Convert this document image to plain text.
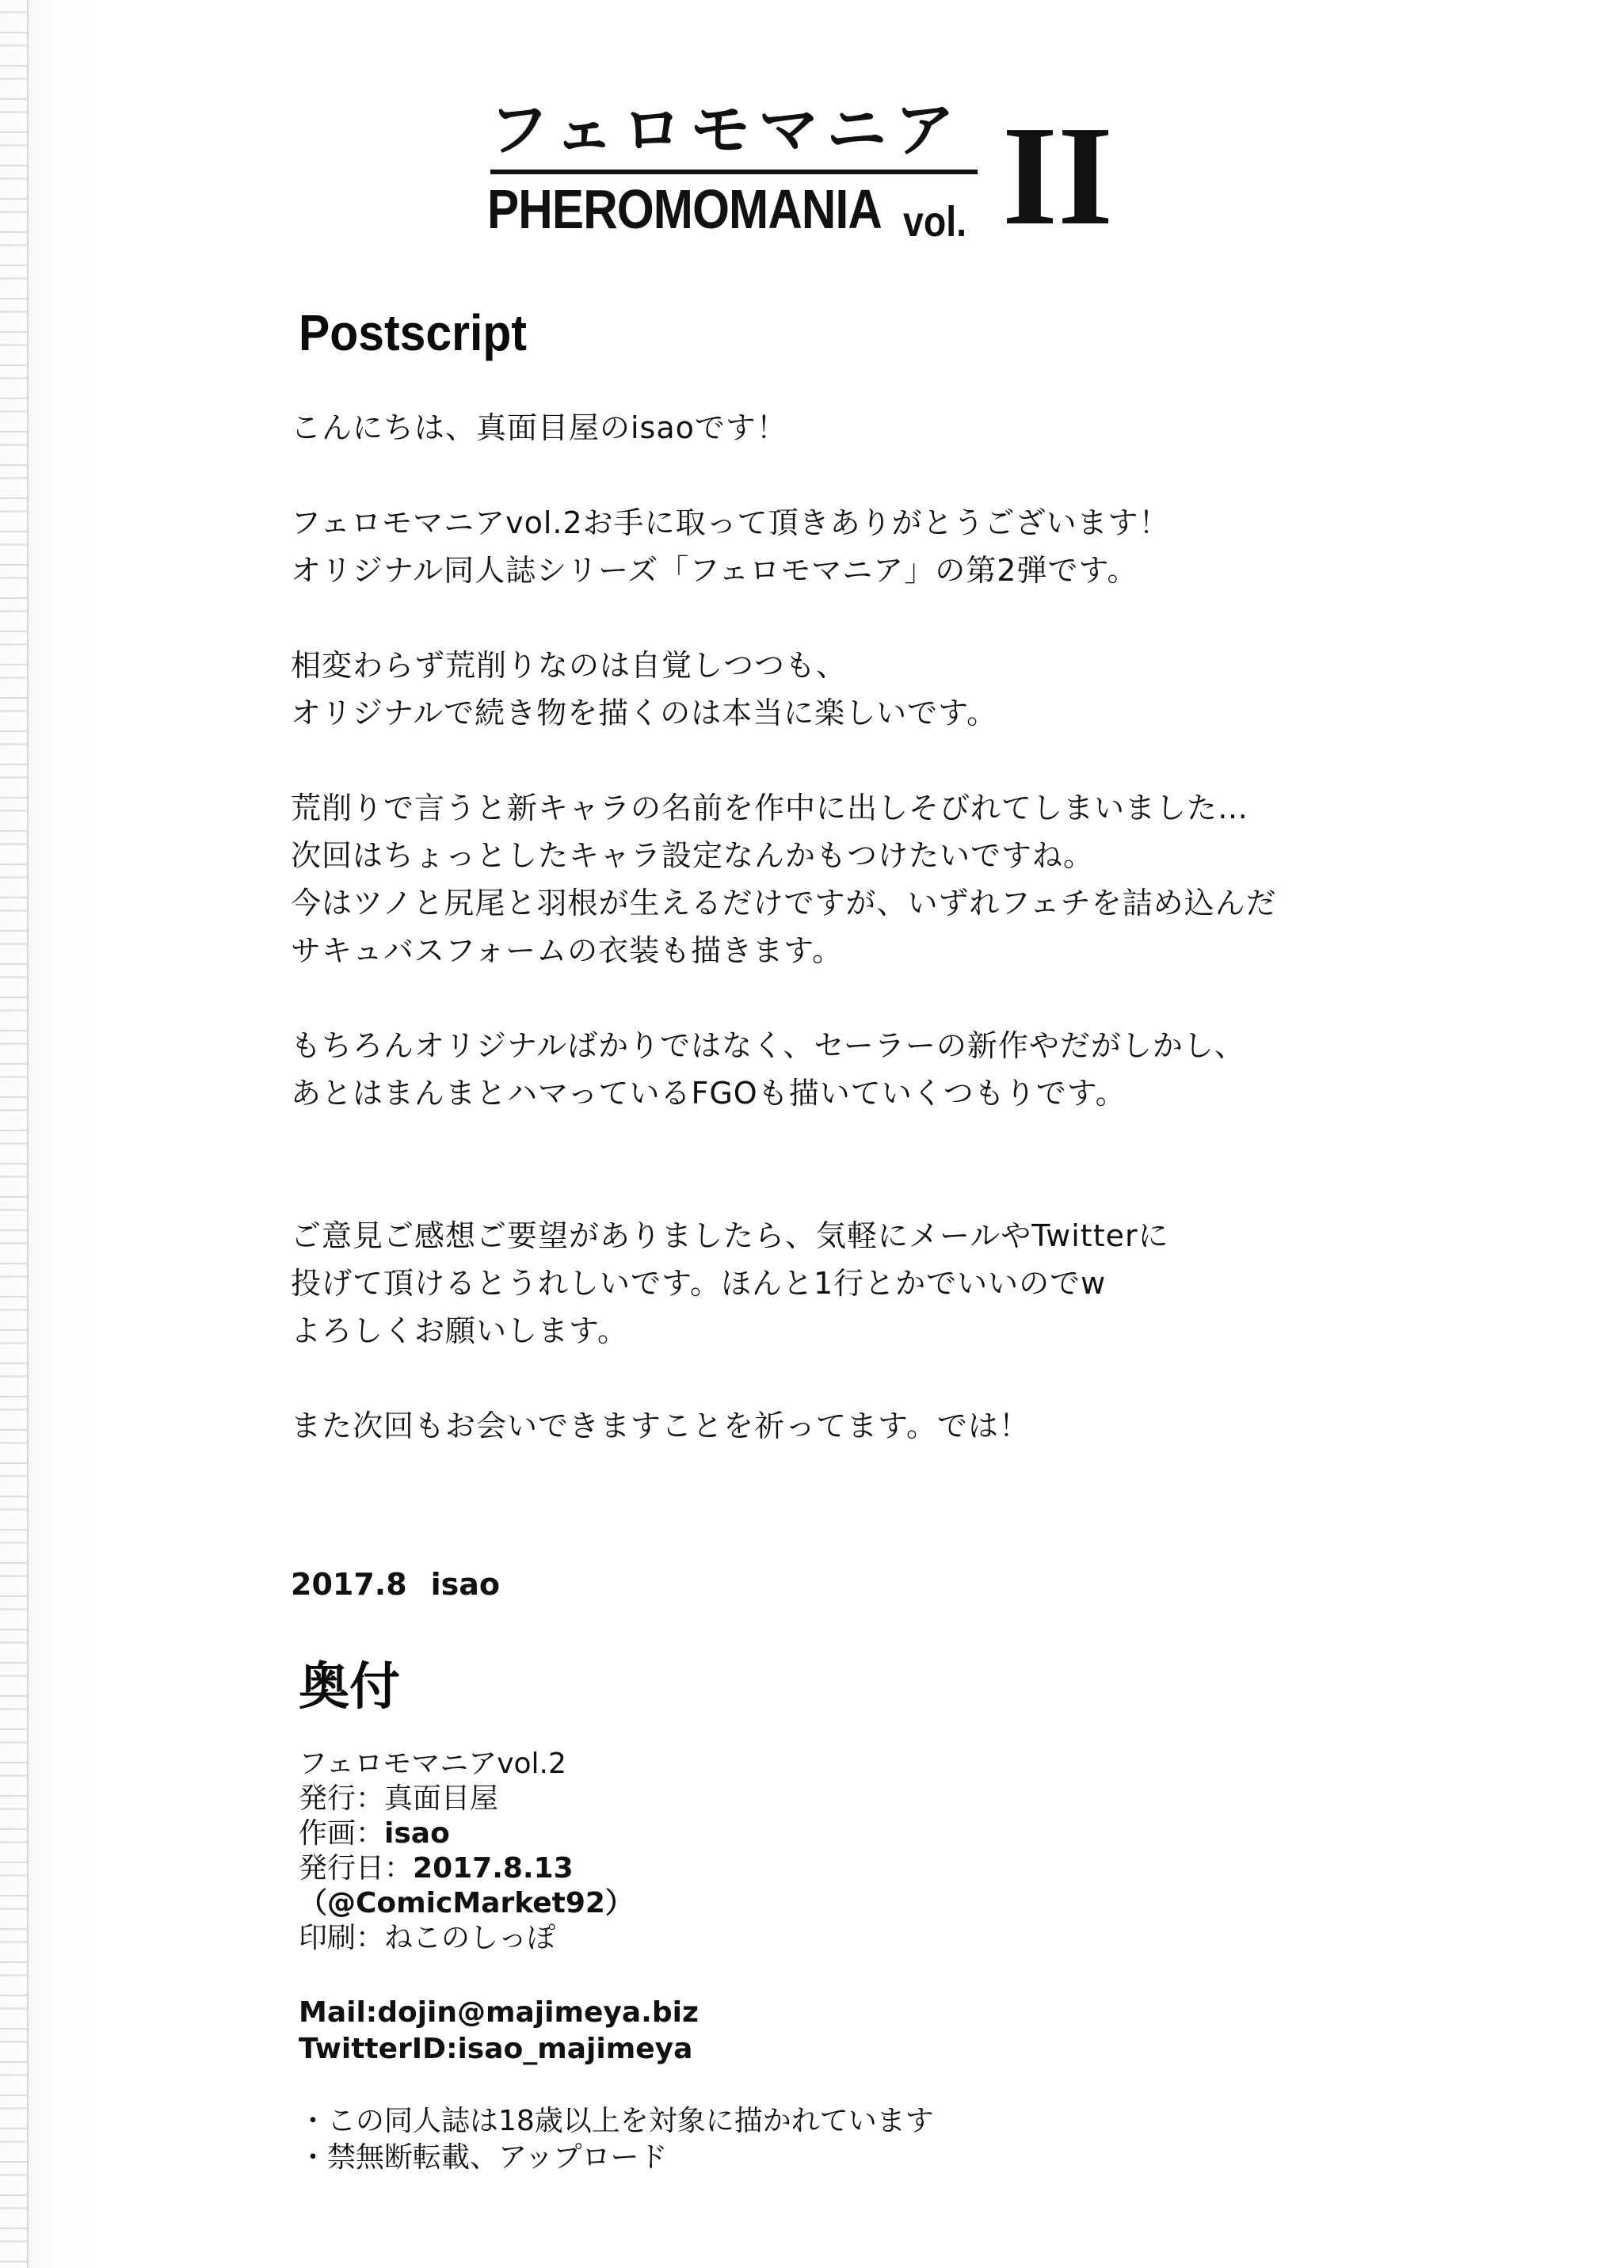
フェロモマニア
PHEROMOMANIA vol. II
Postscript

こんにちは、真面目屋のisaoです！

フェロモマニアvol.2お手に取って頂きありがとうございます！

オリジナル同人誌シリーズ「フェロモマニア」の第2弾です。

相変わらず荒削りなのは自覚しつつも、

オリジナルで続き物を描くのは本当に楽しいです。

荒削りで言うと新キャラの名前を作中に出しそびれてしまいました…

次回はちょっとしたキャラ設定なんかもつけたいですね。

今はツノと尻尾と羽根が生えるだけですが、いずれフェチを詰め込んだ

サキュバスフォームの衣装も描きます。

もちろんオリジナルばかりではなく、セーラーの新作やだがしかし、

あとはまんまとハマっているFGOも描いていくつもりです。

ご意見ご感想ご要望がありましたら、気軽にメールやTwitterに

投げて頂けるとうれしいです。ほんと1行とかでいいのでw

よろしくお願いします。

また次回もお会いできますことを祈ってます。では！

2017.8 isao
奥付
フェロモマニアvol.2
発行：真面目屋
作画：isao
発行日：2017.8.13
（@ComicMarket92）
印刷：ねこのしっぽ
Mail:dojin@majimeya.biz
TwitterID:isao_majimeya
・この同人誌は18歳以上を対象に描かれています
・禁無断転載、アップロード
